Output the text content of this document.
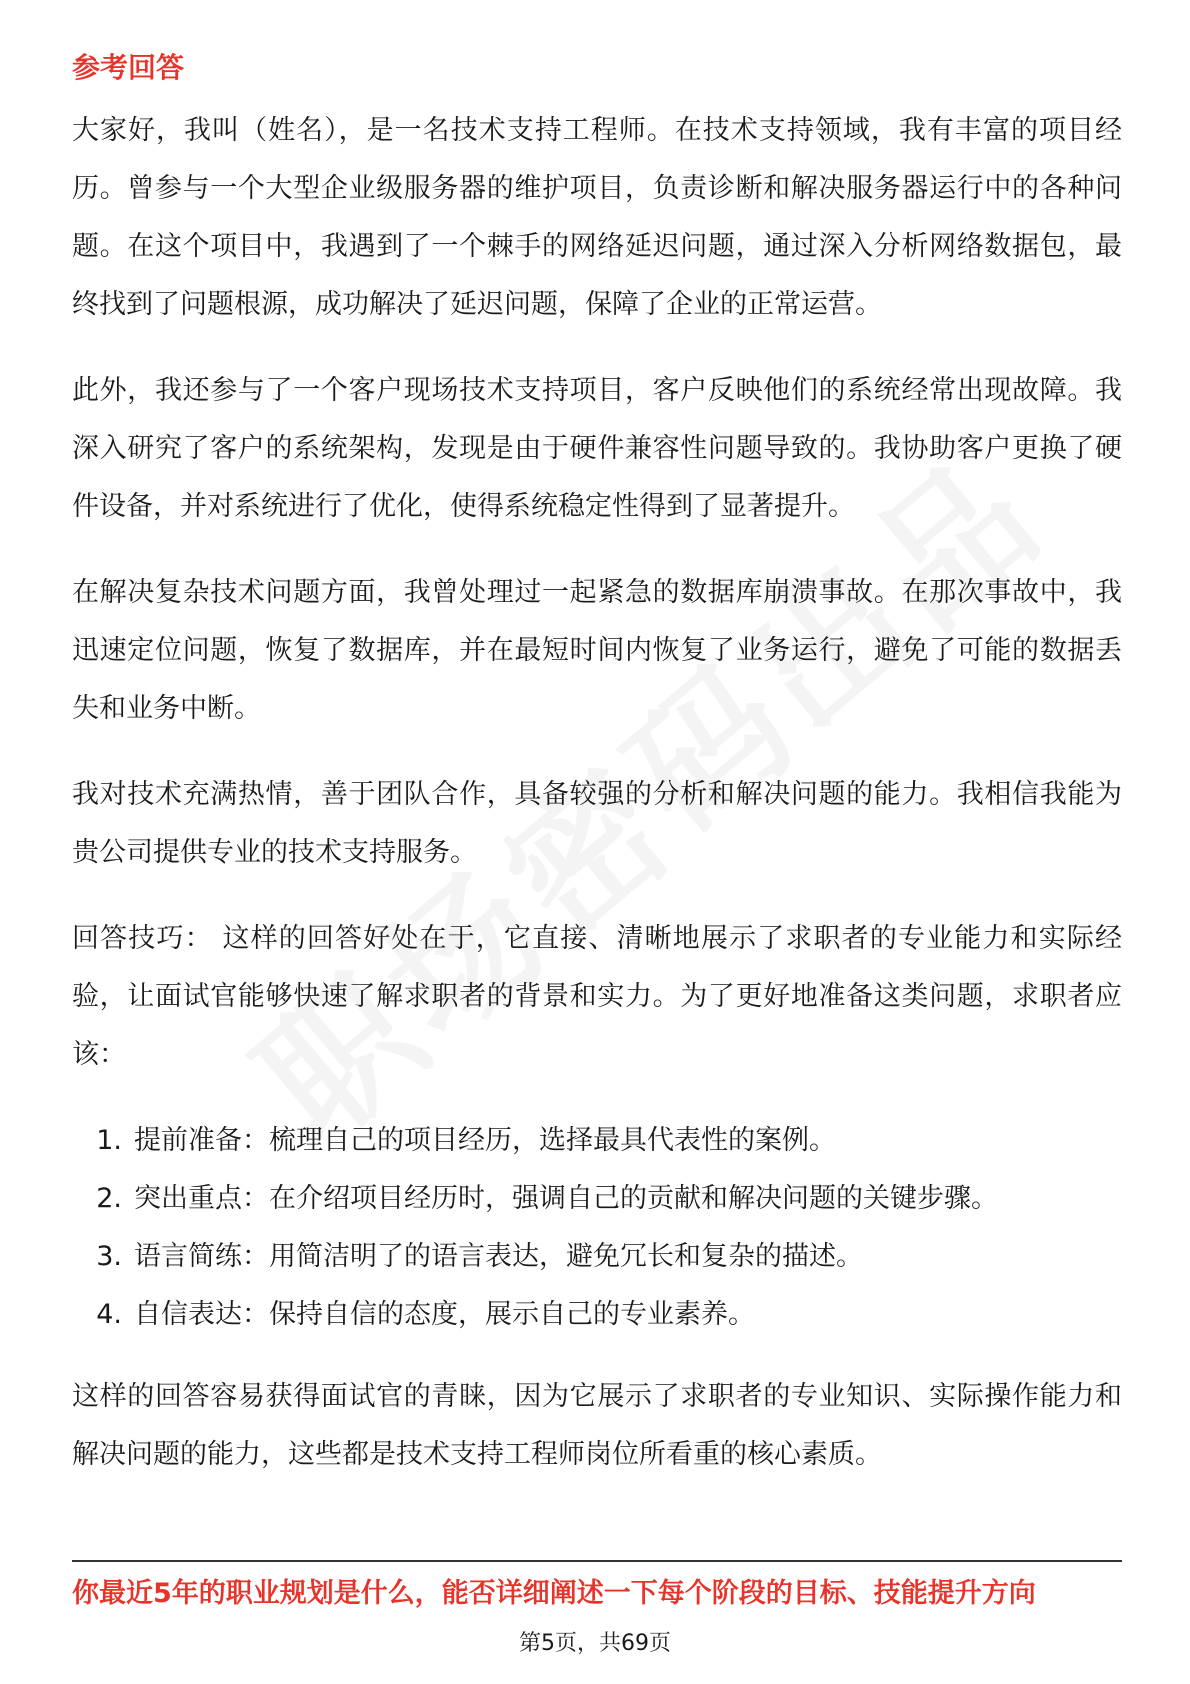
参考回答

大家好，我叫（姓名），是一名技术支持工程师。在技术支持领域，我有丰富的项目经历。曾参与一个大型企业级服务器的维护项目，负责诊断和解决服务器运行中的各种问题。在这个项目中，我遇到了一个棘手的网络延迟问题，通过深入分析网络数据包，最终找到了问题根源，成功解决了延迟问题，保障了企业的正常运营。

此外，我还参与了一个客户现场技术支持项目，客户反映他们的系统经常出现故障。我深入研究了客户的系统架构，发现是由于硬件兼容性问题导致的。我协助客户更换了硬件设备，并对系统进行了优化，使得系统稳定性得到了显著提升。

在解决复杂技术问题方面，我曾处理过一起紧急的数据库崩溃事故。在那次事故中，我迅速定位问题，恢复了数据库，并在最短时间内恢复了业务运行，避免了可能的数据丢失和业务中断。

我对技术充满热情，善于团队合作，具备较强的分析和解决问题的能力。我相信我能为贵公司提供专业的技术支持服务。

回答技巧： 这样的回答好处在于，它直接、清晰地展示了求职者的专业能力和实际经验，让面试官能够快速了解求职者的背景和实力。为了更好地准备这类问题，求职者应该：

1. 提前准备：梳理自己的项目经历，选择最具代表性的案例。
2. 突出重点：在介绍项目经历时，强调自己的贡献和解决问题的关键步骤。
3. 语言简练：用简洁明了的语言表达，避免冗长和复杂的描述。
4. 自信表达：保持自信的态度，展示自己的专业素养。

这样的回答容易获得面试官的青睐，因为它展示了求职者的专业知识、实际操作能力和解决问题的能力，这些都是技术支持工程师岗位所看重的核心素质。

你最近5年的职业规划是什么，能否详细阐述一下每个阶段的目标、技能提升方向
第5页，共69页
